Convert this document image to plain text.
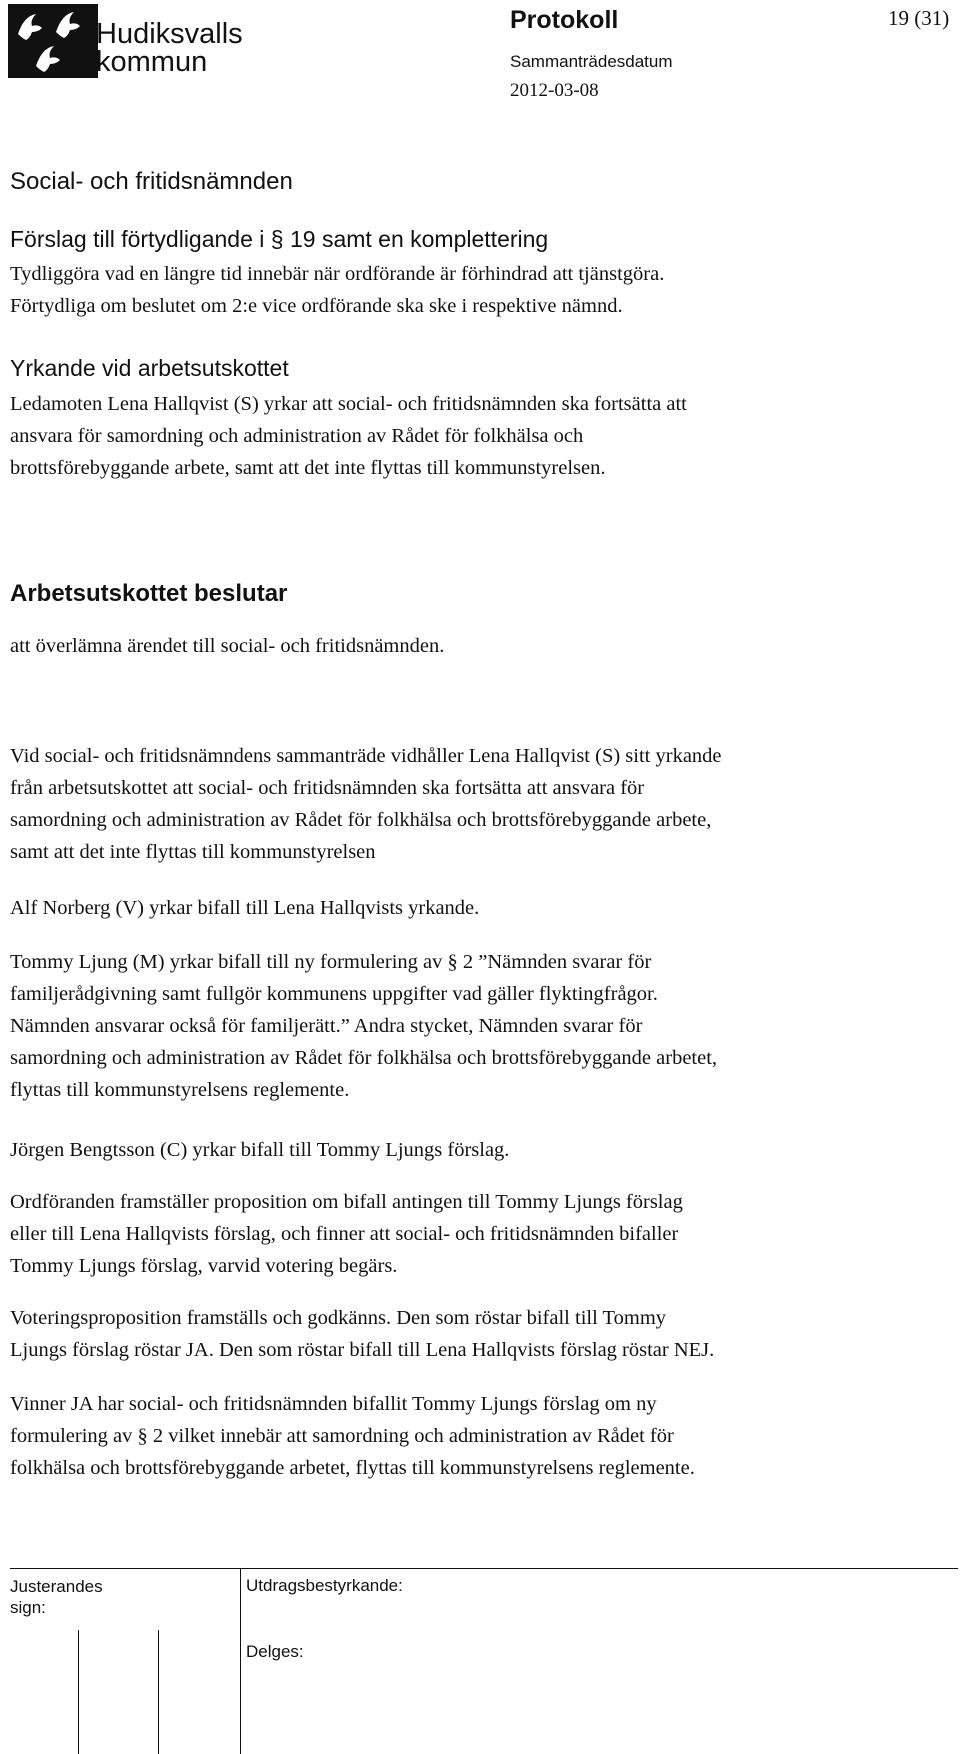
Hudiksvalls
kommun
Protokoll	19 (31)
Sammanträdesdatum
2012-03-08
Social- och fritidsnämnden
Förslag till förtydligande i § 19 samt en komplettering

Tydliggöra vad en längre tid innebär när ordförande är förhindrad att tjänstgöra.

Förtydliga om beslutet om 2:e vice ordförande ska ske i respektive nämnd.

Yrkande vid arbetsutskottet

Ledamoten Lena Hallqvist (S) yrkar att social- och fritidsnämnden ska fortsätta att

ansvara för samordning och administration av Rådet för folkhälsa och

brottsförebyggande arbete, samt att det inte flyttas till kommunstyrelsen.

Arbetsutskottet beslutar
att överlämna ärendet till social- och fritidsnämnden.

Vid social- och fritidsnämndens sammanträde vidhåller Lena Hallqvist (S) sitt yrkande

från arbetsutskottet att social- och fritidsnämnden ska fortsätta att ansvara för

samordning och administration av Rådet för folkhälsa och brottsförebyggande arbete,

samt att det inte flyttas till kommunstyrelsen

Alf Norberg (V) yrkar bifall till Lena Hallqvists yrkande.

Tommy Ljung (M) yrkar bifall till ny formulering av § 2 ”Nämnden svarar för

familjerådgivning samt fullgör kommunens uppgifter vad gäller flyktingfrågor.

Nämnden ansvarar också för familjerätt.” Andra stycket, Nämnden svarar för

samordning och administration av Rådet för folkhälsa och brottsförebyggande arbetet,

flyttas till kommunstyrelsens reglemente.

Jörgen Bengtsson (C) yrkar bifall till Tommy Ljungs förslag.

Ordföranden framställer proposition om bifall antingen till Tommy Ljungs förslag

eller till Lena Hallqvists förslag, och finner att social- och fritidsnämnden bifaller

Tommy Ljungs förslag, varvid votering begärs.

Voteringsproposition framställs och godkänns. Den som röstar bifall till Tommy

Ljungs förslag röstar JA. Den som röstar bifall till Lena Hallqvists förslag röstar NEJ.

Vinner JA har social- och fritidsnämnden bifallit Tommy Ljungs förslag om ny

formulering av § 2 vilket innebär att samordning och administration av Rådet för

folkhälsa och brottsförebyggande arbetet, flyttas till kommunstyrelsens reglemente.

Justerandes sign:
Utdragsbestyrkande:
Delges:
